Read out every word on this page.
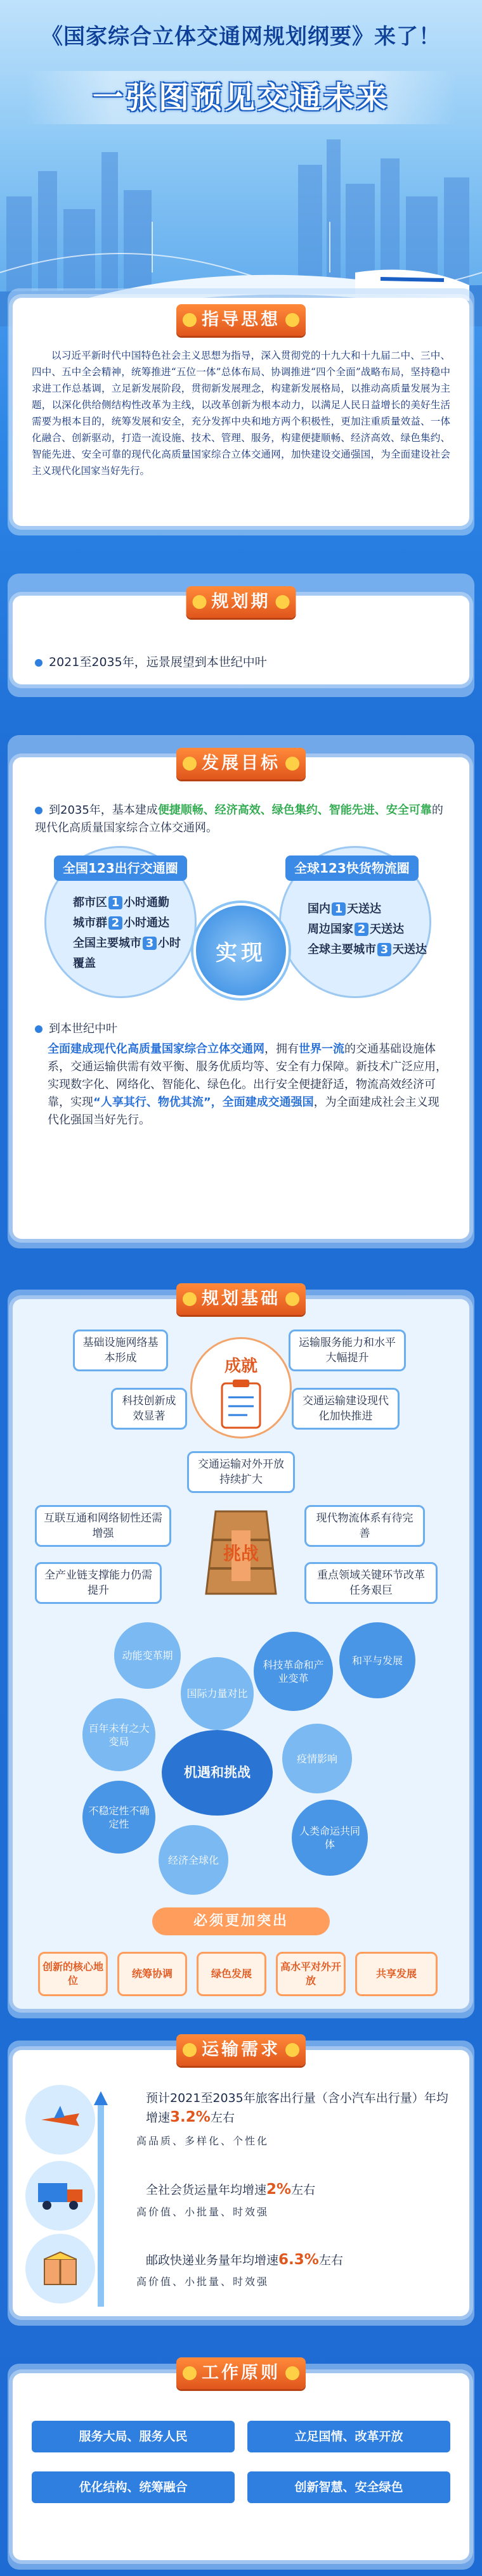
《国家综合立体交通网规划纲要》来了！
一张图预见交通未来
指导思想
以习近平新时代中国特色社会主义思想为指导，深入贯彻党的十九大和十九届二中、三中、四中、五中全会精神，统筹推进“五位一体”总体布局、协调推进“四个全面”战略布局，坚持稳中求进工作总基调，立足新发展阶段，贯彻新发展理念，构建新发展格局，以推动高质量发展为主题，以深化供给侧结构性改革为主线，以改革创新为根本动力，以满足人民日益增长的美好生活需要为根本目的，统筹发展和安全，充分发挥中央和地方两个积极性，更加注重质量效益、一体化融合、创新驱动，打造一流设施、技术、管理、服务，构建便捷顺畅、经济高效、绿色集约、智能先进、安全可靠的现代化高质量国家综合立体交通网，加快建设交通强国，为全面建设社会主义现代化国家当好先行。
规划期
2021至2035年，远景展望到本世纪中叶
发展目标
到2035年，基本建成便捷顺畅、经济高效、绿色集约、智能先进、安全可靠的现代化高质量国家综合立体交通网。
全国123出行交通圈
都市区 1 小时通勤
城市群 2 小时通达
全国主要城市 3 小时
覆盖
全球123快货物流圈
国内 1 天送达
周边国家 2 天送达
全球主要城市 3 天送达
实现
到本世纪中叶
全面建成现代化高质量国家综合立体交通网，拥有世界一流的交通基础设施体系，交通运输供需有效平衡、服务优质均等、安全有力保障。新技术广泛应用，实现数字化、网络化、智能化、绿色化。出行安全便捷舒适，物流高效经济可靠，实现“人享其行、物优其流”，全面建成交通强国，为全面建成社会主义现代化强国当好先行。
规划基础
成就
基础设施网络基本形成
运输服务能力和水平大幅提升
科技创新成效显著
交通运输建设现代化加快推进
交通运输对外开放持续扩大
挑战
互联互通和网络韧性还需增强
现代物流体系有待完善
全产业链支撑能力仍需提升
重点领域关键环节改革任务艰巨
动能变革期
国际力量对比
科技革命和产业变革
和平与发展
百年未有之大变局
机遇和挑战
疫情影响
不稳定性不确定性
经济全球化
人类命运共同体
必须更加突出
创新的核心地位
统筹协调	绿色发展
高水平对外开放
共享发展
运输需求
预计2021至2035年旅客出行量（含小汽车出行量）年均增速3.2%左右
高品质、多样化、个性化
全社会货运量年均增速2%左右
高价值、小批量、时效强
邮政快递业务量年均增速6.3%左右
高价值、小批量、时效强
工作原则
服务大局、服务人民	立足国情、改革开放
优化结构、统筹融合	创新智慧、安全绿色
东方网交通运营办
